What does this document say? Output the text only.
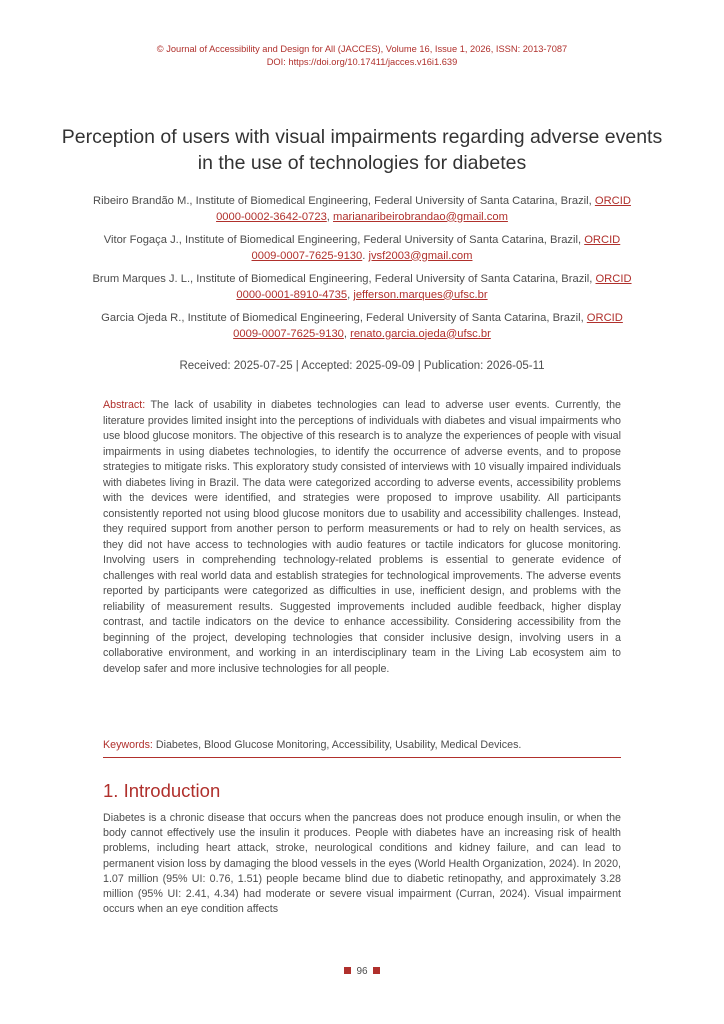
© Journal of Accessibility and Design for All (JACCES), Volume 16, Issue 1, 2026, ISSN: 2013-7087
DOI: https://doi.org/10.17411/jacces.v16i1.639
Perception of users with visual impairments regarding adverse events in the use of technologies for diabetes
Ribeiro Brandão M., Institute of Biomedical Engineering, Federal University of Santa Catarina, Brazil, ORCID 0000-0002-3642-0723, marianaribeirobrandao@gmail.com
Vitor Fogaça J., Institute of Biomedical Engineering, Federal University of Santa Catarina, Brazil, ORCID 0009-0007-7625-9130. jvsf2003@gmail.com
Brum Marques J. L., Institute of Biomedical Engineering, Federal University of Santa Catarina, Brazil, ORCID 0000-0001-8910-4735, jefferson.marques@ufsc.br
Garcia Ojeda R., Institute of Biomedical Engineering, Federal University of Santa Catarina, Brazil, ORCID 0009-0007-7625-9130, renato.garcia.ojeda@ufsc.br
Received: 2025-07-25 | Accepted: 2025-09-09 | Publication: 2026-05-11
Abstract: The lack of usability in diabetes technologies can lead to adverse user events. Currently, the literature provides limited insight into the perceptions of individuals with diabetes and visual impairments who use blood glucose monitors. The objective of this research is to analyze the experiences of people with visual impairments in using diabetes technologies, to identify the occurrence of adverse events, and to propose strategies to mitigate risks. This exploratory study consisted of interviews with 10 visually impaired individuals with diabetes living in Brazil. The data were categorized according to adverse events, accessibility problems with the devices were identified, and strategies were proposed to improve usability. All participants consistently reported not using blood glucose monitors due to usability and accessibility challenges. Instead, they required support from another person to perform measurements or had to rely on health services, as they did not have access to technologies with audio features or tactile indicators for glucose monitoring. Involving users in comprehending technology-related problems is essential to generate evidence of challenges with real world data and establish strategies for technological improvements. The adverse events reported by participants were categorized as difficulties in use, inefficient design, and problems with the reliability of measurement results. Suggested improvements included audible feedback, higher display contrast, and tactile indicators on the device to enhance accessibility. Considering accessibility from the beginning of the project, developing technologies that consider inclusive design, involving users in a collaborative environment, and working in an interdisciplinary team in the Living Lab ecosystem aim to develop safer and more inclusive technologies for all people.
Keywords: Diabetes, Blood Glucose Monitoring, Accessibility, Usability, Medical Devices.
1. Introduction

Diabetes is a chronic disease that occurs when the pancreas does not produce enough insulin, or when the body cannot effectively use the insulin it produces. People with diabetes have an increasing risk of health problems, including heart attack, stroke, neurological conditions and kidney failure, and can lead to permanent vision loss by damaging the blood vessels in the eyes (World Health Organization, 2024). In 2020, 1.07 million (95% UI: 0.76, 1.51) people became blind due to diabetic retinopathy, and approximately 3.28 million (95% UI: 2.41, 4.34) had moderate or severe visual impairment (Curran, 2024). Visual impairment occurs when an eye condition affects

96
